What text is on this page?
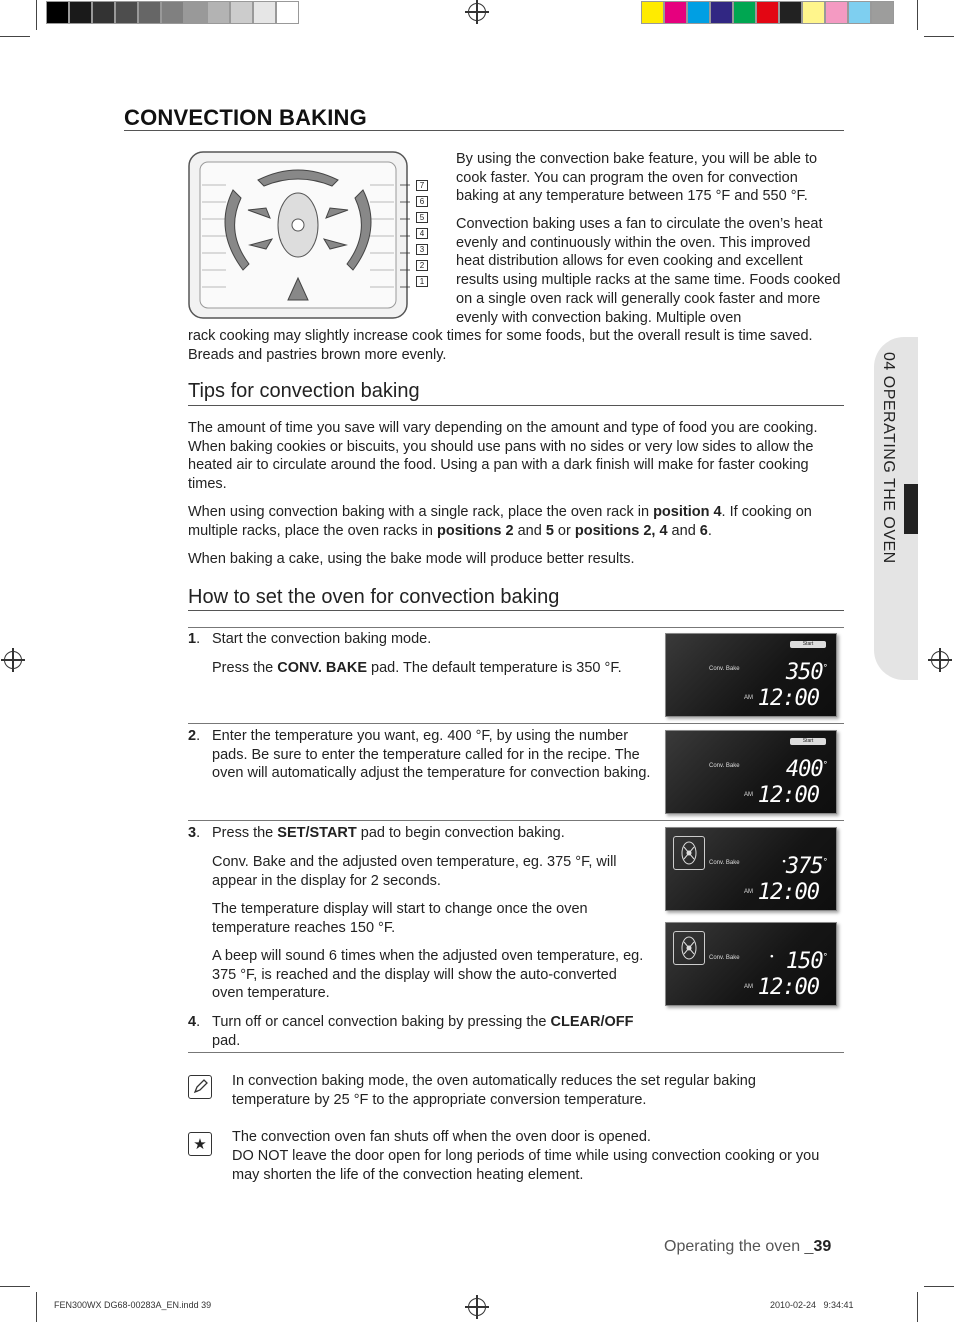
04 OPERATING THE OVEN
CONVECTION BAKING
7
6
5
4
3
2
1

By using the convection bake feature, you will be able to cook faster. You can program the oven for convection baking at any temperature between 175 °F and 550 °F.

Convection baking uses a fan to circulate the oven’s heat evenly and continuously within the oven. This improved heat distribution allows for even cooking and excellent results using multiple racks at the same time. Foods cooked on a single oven rack will generally cook faster and more evenly with convection baking. Multiple oven

rack cooking may slightly increase cook times for some foods, but the overall result is time saved. Breads and pastries brown more evenly.

Tips for convection baking

The amount of time you save will vary depending on the amount and type of food you are cooking. When baking cookies or biscuits, you should use pans with no sides or very low sides to allow the heated air to circulate around the food. Using a pan with a dark finish will make for faster cooking times.

When using convection baking with a single rack, place the oven rack in position 4. If cooking on multiple racks, place the oven racks in positions 2 and 5 or positions 2, 4 and 6.

When baking a cake, using the bake mode will produce better results.

How to set the oven for convection baking

1. Start the convection baking mode.

Press the CONV. BAKE pad. The default temperature is 350 °F.

2. Enter the temperature you want, eg. 400 °F, by using the number pads. Be sure to enter the temperature called for in the recipe. The oven will automatically adjust the temperature for convection baking.

3. Press the SET/START pad to begin convection baking.

Conv. Bake and the adjusted oven temperature, eg. 375 °F, will appear in the display for 2 seconds.

The temperature display will start to change once the oven temperature reaches 150 °F.

A beep will sound 6 times when the adjusted oven temperature, eg. 375 °F, is reached and the display will show the auto-converted oven temperature.

4. Turn off or cancel convection baking by pressing the CLEAR/OFF pad.

Start
Conv. Bake
AM
350°
12:00
Start
Conv. Bake
AM
400°
12:00
Conv. Bake
AM
•375°
12:00
Conv. Bake
AM
• 150°
12:00

In convection baking mode, the oven automatically reduces the set regular baking temperature by 25 °F to the appropriate conversion temperature.

★	The convection oven fan shuts off when the oven door is opened.

DO NOT leave the door open for long periods of time while using convection cooking or you may shorten the life of the convection heating element.

Operating the oven _39
FEN300WX DG68-00283A_EN.indd 39	2010-02-24   9:34:41
